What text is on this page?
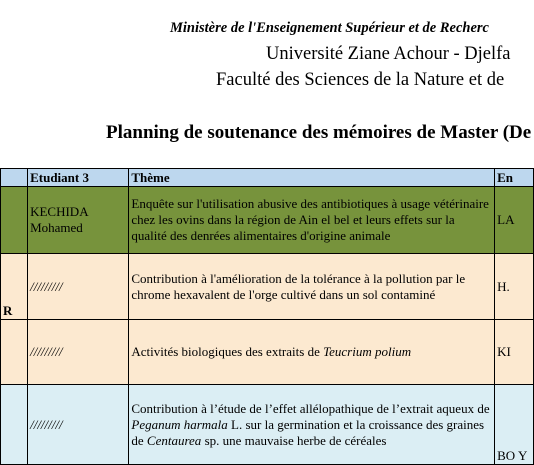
Ministère de l'Enseignement Supérieur et de Recherc
Université Ziane Achour - Djelfa
Faculté des Sciences de la Nature et de
Planning de soutenance des mémoires de Master (De
	Etudiant 3	Thème	En
	KECHIDA Mohamed	Enquête sur l'utilisation abusive des antibiotiques à usage vétérinaire chez les ovins dans la région de Ain el bel et leurs effets sur la qualité des denrées alimentaires d'origine animale	LA
R	/////////	Contribution à l'amélioration de la tolérance à la pollution par le chrome hexavalent de l'orge cultivé dans un sol contaminé	H.
	/////////	Activités biologiques des extraits de Teucrium polium	KI
	/////////	Contribution à l’étude de l’effet allélopathique de l’extrait aqueux de Peganum harmala L. sur la germination et la croissance des graines de Centaurea sp. une mauvaise herbe de céréales	BO Y
